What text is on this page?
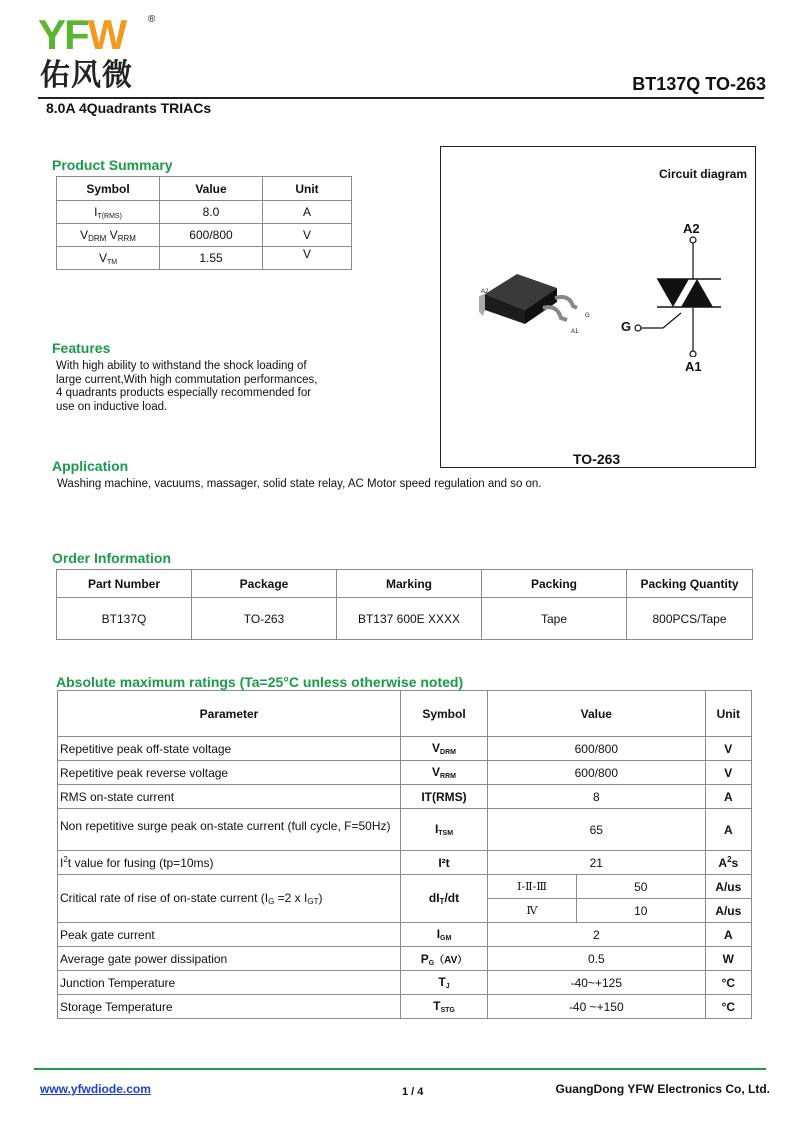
YFW ®
佑风微	BT137Q TO-263
8.0A 4Quadrants TRIACs
Product Summary
Symbol	Value	Unit
$I_{T(RMS)}$	8.0	A
VDRM VRRM	600/800	V
$V_{TM}$	1.55	V
Features
With high ability to withstand the shock loading of
large current,With high commutation performances,
4 quadrants products especially recommended for
use on inductive load.
Circuit diagram
A2
G
A1
A2
G
A1
TO-263
Application
Washing machine, vacuums, massager, solid state relay, AC Motor speed regulation and so on.
Order Information
Part Number	Package	Marking	Packing	Packing Quantity
BT137Q	TO-263	BT137 600E XXXX	Tape	800PCS/Tape
Absolute maximum ratings (Ta=25°C unless otherwise noted)
Parameter	Symbol	Value		Unit
Repetitive peak off-state voltage	$V_{DRM}$	600/800		V
Repetitive peak reverse voltage	$V_{RRM}$	600/800		V
RMS on-state current	IT(RMS)	8		A
Non repetitive surge peak on-state current (full cycle, F=50Hz)	$I_{TSM}$	65		A
$I^2t$ value for fusing (tp=10ms)	I²t	21		$A^2s$
Critical rate of rise of on-state current (IG =2 x IGT)	dIT/dt	Ⅰ-Ⅱ-Ⅲ	50	A/us
		Ⅳ	10	A/us
Peak gate current	$I_{GM}$	2		A
Average gate power dissipation	$P_G(AV)$	0.5		W
Junction Temperature	$T_J$	-40~+125		°C
Storage Temperature	$T_{STG}$	-40 ~+150		°C
www.yfwdiode.com	1 / 4	GuangDong YFW Electronics Co, Ltd.
